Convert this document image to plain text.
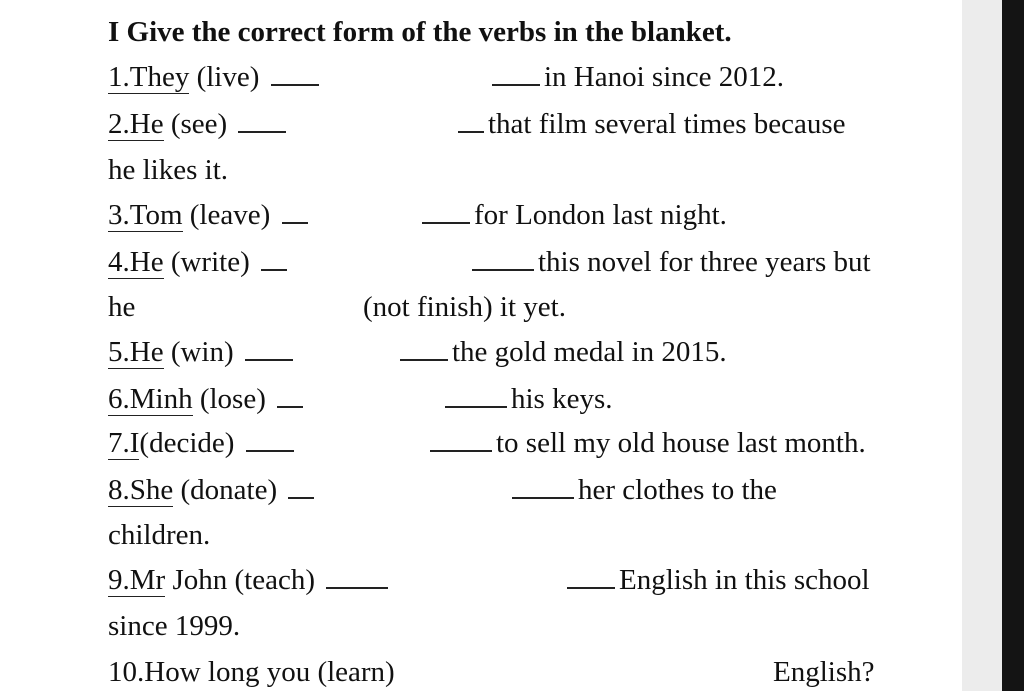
I Give the correct form of the verbs in the blanket.
1.They (live)	in Hanoi since 2012.
2.He (see)	that film several times because
he likes it.
3.Tom (leave)	for London last night.
4.He (write)	this novel for three years but
he	(not finish) it yet.
5.He (win)	the gold medal in 2015.
6.Minh (lose)	his keys.
7.I(decide)	to sell my old house last month.
8.She (donate)	her clothes to the
children.
9.Mr John (teach)	English in this school
since 1999.
10.How long you (learn)	English?
